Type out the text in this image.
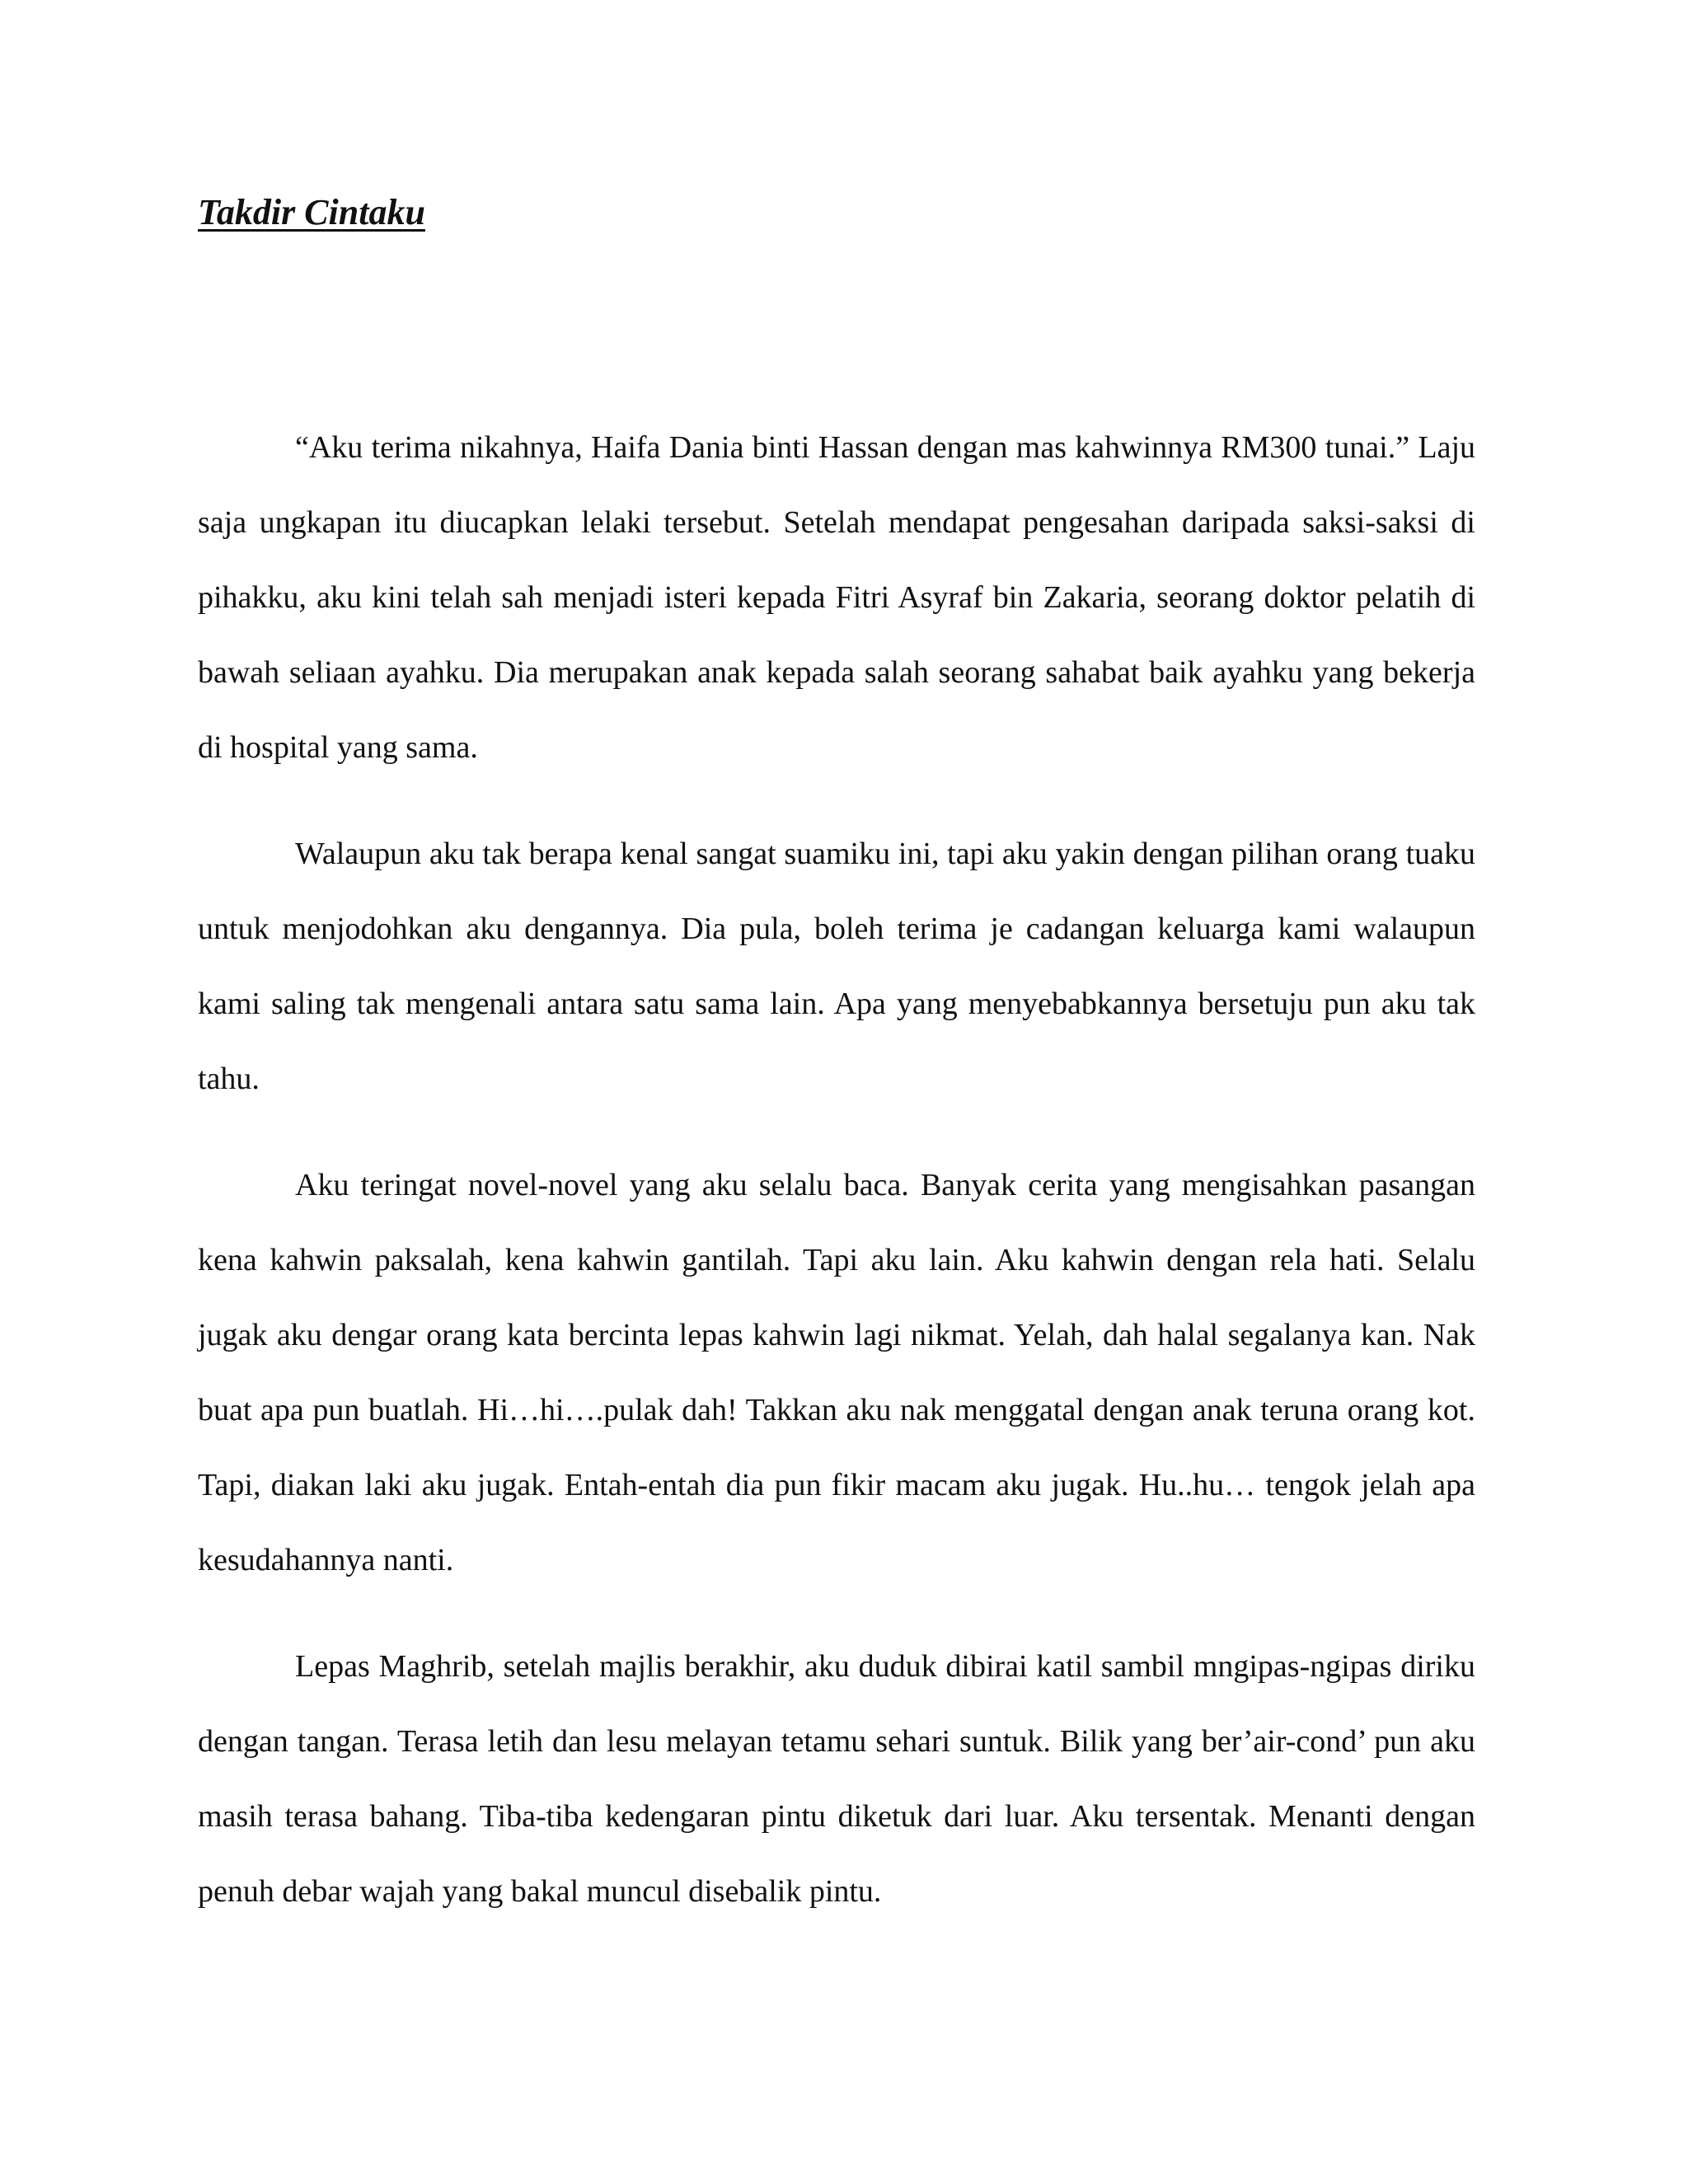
Takdir Cintaku

“Aku terima nikahnya, Haifa Dania binti Hassan dengan mas kahwinnya RM300 tunai.” Laju saja ungkapan itu diucapkan lelaki tersebut. Setelah mendapat pengesahan daripada saksi-saksi di pihakku, aku kini telah sah menjadi isteri kepada Fitri Asyraf bin Zakaria, seorang doktor pelatih di bawah seliaan ayahku. Dia merupakan anak kepada salah seorang sahabat baik ayahku yang bekerja di hospital yang sama.

Walaupun aku tak berapa kenal sangat suamiku ini, tapi aku yakin dengan pilihan orang tuaku untuk menjodohkan aku dengannya. Dia pula, boleh terima je cadangan keluarga kami walaupun kami saling tak mengenali antara satu sama lain. Apa yang menyebabkannya bersetuju pun aku tak tahu.

Aku teringat novel-novel yang aku selalu baca. Banyak cerita yang mengisahkan pasangan kena kahwin paksalah, kena kahwin gantilah. Tapi aku lain. Aku kahwin dengan rela hati. Selalu jugak aku dengar orang kata bercinta lepas kahwin lagi nikmat. Yelah, dah halal segalanya kan. Nak buat apa pun buatlah. Hi…hi….pulak dah! Takkan aku nak menggatal dengan anak teruna orang kot. Tapi, diakan laki aku jugak. Entah-entah dia pun fikir macam aku jugak. Hu..hu… tengok jelah apa kesudahannya nanti.

Lepas Maghrib, setelah majlis berakhir, aku duduk dibirai katil sambil mngipas-ngipas diriku dengan tangan. Terasa letih dan lesu melayan tetamu sehari suntuk. Bilik yang ber’air-cond’ pun aku masih terasa bahang. Tiba-tiba kedengaran pintu diketuk dari luar. Aku tersentak. Menanti dengan penuh debar wajah yang bakal muncul disebalik pintu.
